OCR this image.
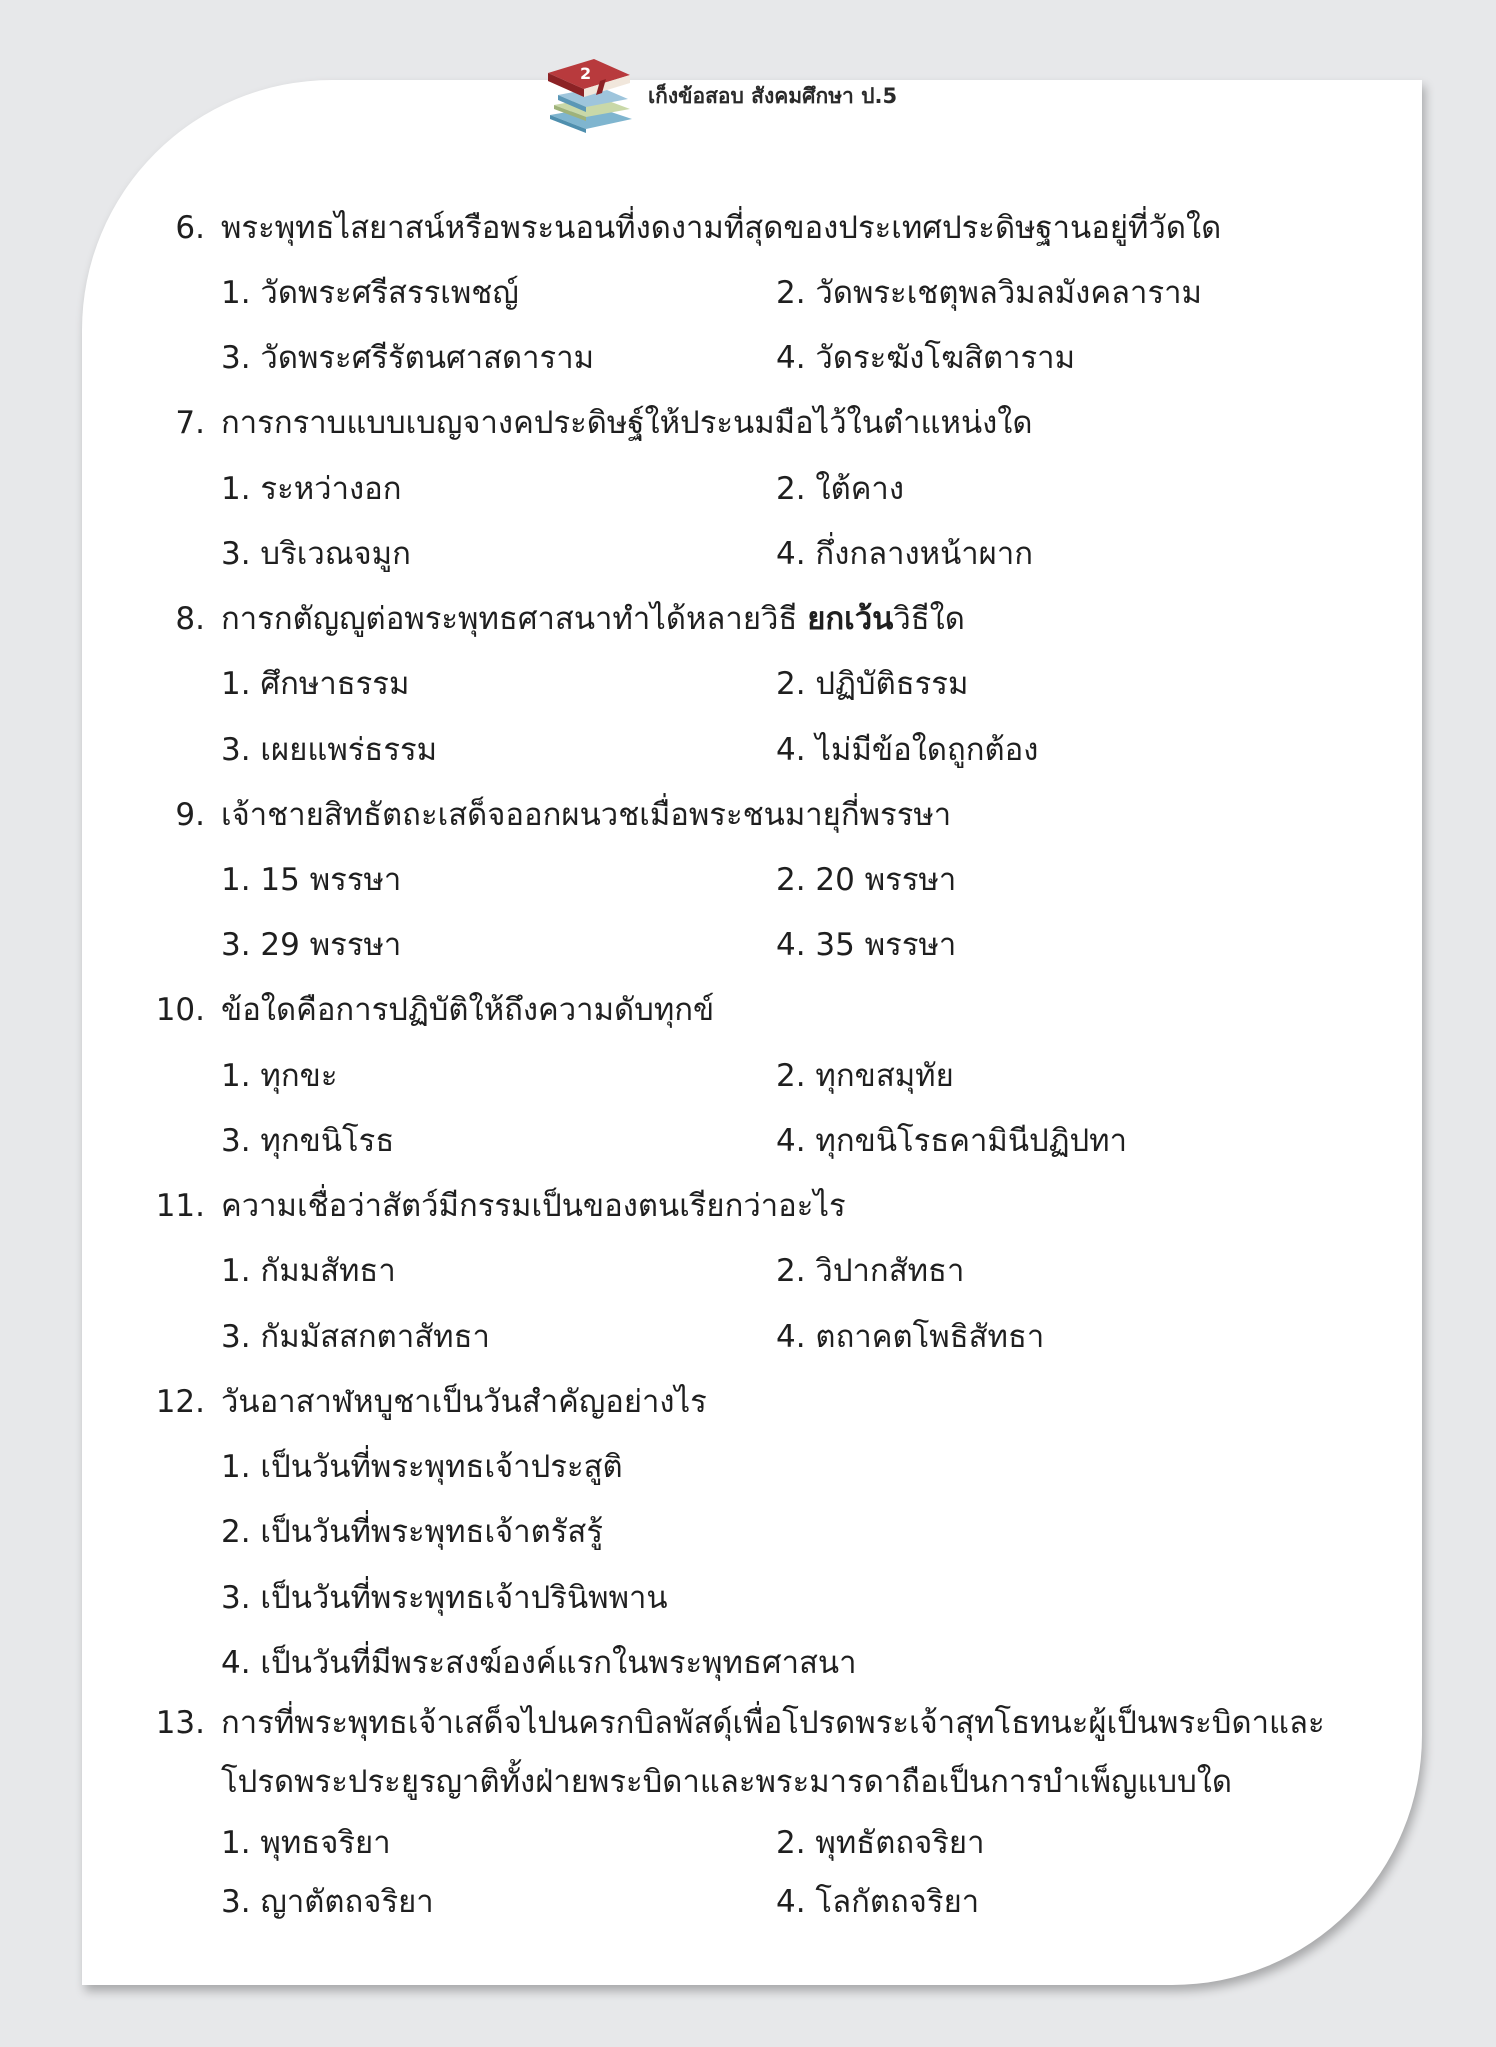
2
เก็งข้อสอบ สังคมศึกษา ป.5
6. พระพุทธไสยาสน์หรือพระนอนที่งดงามที่สุดของประเทศประดิษฐานอยู่ที่วัดใด
1. วัดพระศรีสรรเพชญ์	2. วัดพระเชตุพลวิมลมังคลาราม
3. วัดพระศรีรัตนศาสดาราม	4. วัดระฆังโฆสิตาราม
7. การกราบแบบเบญจางคประดิษฐ์ให้ประนมมือไว้ในตำแหน่งใด
1. ระหว่างอก	2. ใต้คาง
3. บริเวณจมูก	4. กึ่งกลางหน้าผาก
8. การกตัญญูต่อพระพุทธศาสนาทำได้หลายวิธี ยกเว้นวิธีใด
1. ศึกษาธรรม	2. ปฏิบัติธรรม
3. เผยแพร่ธรรม	4. ไม่มีข้อใดถูกต้อง
9. เจ้าชายสิทธัตถะเสด็จออกผนวชเมื่อพระชนมายุกี่พรรษา
1. 15 พรรษา	2. 20 พรรษา
3. 29 พรรษา	4. 35 พรรษา
10. ข้อใดคือการปฏิบัติให้ถึงความดับทุกข์
1. ทุกขะ	2. ทุกขสมุทัย
3. ทุกขนิโรธ	4. ทุกขนิโรธคามินีปฏิปทา
11. ความเชื่อว่าสัตว์มีกรรมเป็นของตนเรียกว่าอะไร
1. กัมมสัทธา	2. วิปากสัทธา
3. กัมมัสสกตาสัทธา	4. ตถาคตโพธิสัทธา
12. วันอาสาฬหบูชาเป็นวันสำคัญอย่างไร
1. เป็นวันที่พระพุทธเจ้าประสูติ
2. เป็นวันที่พระพุทธเจ้าตรัสรู้
3. เป็นวันที่พระพุทธเจ้าปรินิพพาน
4. เป็นวันที่มีพระสงฆ์องค์แรกในพระพุทธศาสนา
13. การที่พระพุทธเจ้าเสด็จไปนครกบิลพัสดุ์เพื่อโปรดพระเจ้าสุทโธทนะผู้เป็นพระบิดาและ
โปรดพระประยูรญาติทั้งฝ่ายพระบิดาและพระมารดาถือเป็นการบำเพ็ญแบบใด
1. พุทธจริยา	2. พุทธัตถจริยา
3. ญาตัตถจริยา	4. โลกัตถจริยา
